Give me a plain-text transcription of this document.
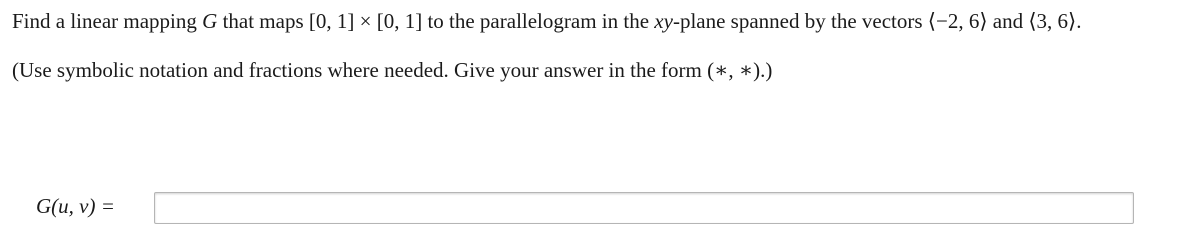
Find a linear mapping G that maps [0, 1] × [0, 1] to the parallelogram in the xy-plane spanned by the vectors ⟨−2, 6⟩ and ⟨3, 6⟩.
(Use symbolic notation and fractions where needed. Give your answer in the form (∗, ∗).)
G(u, v) =
